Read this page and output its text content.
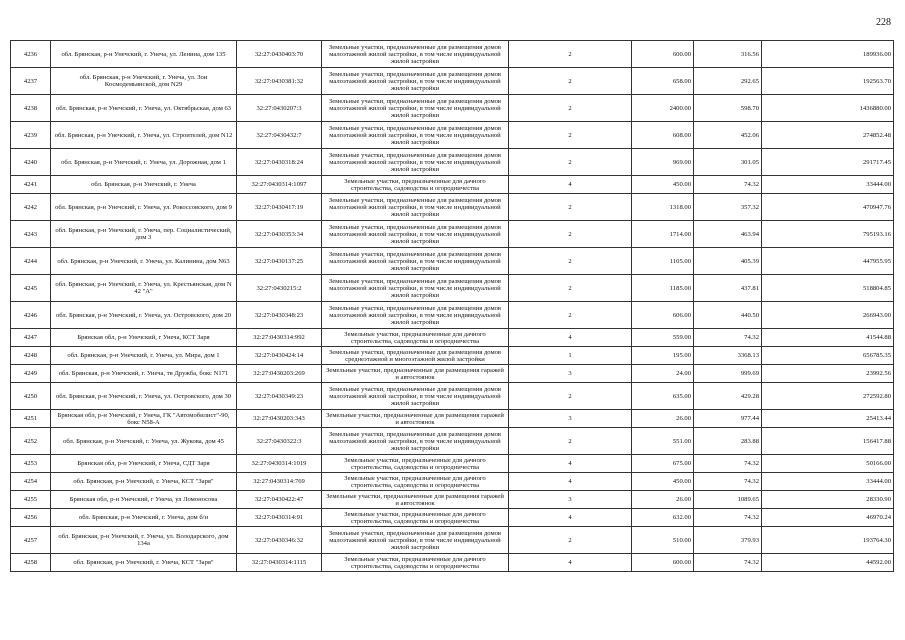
228
4236	обл. Брянская, р-н Унечский, г. Унеча, ул. Ленина, дом 135	32:27:0430403:70	Земельные участки, предназначенные для размещения домов малоэтажной жилой застройки, в том числе индивидуальной жилой застройки	2	600.00	316.56	189936.00
4237	обл. Брянская, р-н Унечский, г. Унеча, ул. Зои Космодемьянской, дом N29	32:27:0430381:32	Земельные участки, предназначенные для размещения домов малоэтажной жилой застройки, в том числе индивидуальной жилой застройки	2	658.00	292.65	192563.70
4238	обл. Брянская, р-н Унечский, г. Унеча, ул. Октябрьская, дом 63	32:27:0430207:3	Земельные участки, предназначенные для размещения домов малоэтажной жилой застройки, в том числе индивидуальной жилой застройки	2	2400.00	598.70	1436880.00
4239	обл. Брянская, р-н Унечский, г. Унеча, ул. Строителей, дом N12	32:27:0430432:7	Земельные участки, предназначенные для размещения домов малоэтажной жилой застройки, в том числе индивидуальной жилой застройки	2	608.00	452.06	274852.48
4240	обл. Брянская, р-н Унечский, г. Унеча, ул. Дорожная, дом 1	32:27:0430318:24	Земельные участки, предназначенные для размещения домов малоэтажной жилой застройки, в том числе индивидуальной жилой застройки	2	969.00	301.05	291717.45
4241	обл. Брянская, р-н Унечский, г. Унеча	32:27:0430314:1097	Земельные участки, предназначенные для дачного строительства, садоводства и огородничества	4	450.00	74.32	33444.00
4242	обл. Брянская, р-н Унечский, г. Унеча, ул. Рокоссовского, дом 9	32:27:0430417:19	Земельные участки, предназначенные для размещения домов малоэтажной жилой застройки, в том числе индивидуальной жилой застройки	2	1318.00	357.32	470947.76
4243	обл. Брянская, р-н Унечский, г. Унеча, пер. Социалистический, дом 3	32:27:0430353:34	Земельные участки, предназначенные для размещения домов малоэтажной жилой застройки, в том числе индивидуальной жилой застройки	2	1714.00	463.94	795193.16
4244	обл. Брянская, р-н Унечский, г. Унеча, ул. Калинина, дом N63	32:27:0430137:25	Земельные участки, предназначенные для размещения домов малоэтажной жилой застройки, в том числе индивидуальной жилой застройки	2	1105.00	405.39	447955.95
4245	обл. Брянская, р-н Унечский, г. Унеча, ул. Крестьянская, дом N 42 "А"	32:27:0430215:2	Земельные участки, предназначенные для размещения домов малоэтажной жилой застройки, в том числе индивидуальной жилой застройки	2	1185.00	437.81	518804.85
4246	обл. Брянская, р-н Унечский, г. Унеча, ул. Островского, дом 20	32:27:0430348:23	Земельные участки, предназначенные для размещения домов малоэтажной жилой застройки, в том числе индивидуальной жилой застройки	2	606.00	440.50	266943.00
4247	Брянская обл, р-н Унечский, г Унеча, КСТ Заря	32:27:0430314:992	Земельные участки, предназначенные для дачного строительства, садоводства и огородничества	4	559.00	74.32	41544.88
4248	обл. Брянская, р-н Унечский, г. Унеча, ул. Мира, дом 1	32:27:0430424:14	Земельные участки, предназначенные для размещения домов среднеэтажной и многоэтажной жилой застройки	1	195.00	3368.13	656785.35
4249	обл. Брянская, р-н Унечский, г. Унеча, тв Дружба, бокс N171	32:27:0430203:269	Земельные участки, предназначенные для размещения гаражей и автостоянок	3	24.00	999.69	23992.56
4250	обл. Брянская, р-н Унечский, г. Унеча, ул. Островского, дом 30	32:27:0430349:23	Земельные участки, предназначенные для размещения домов малоэтажной жилой застройки, в том числе индивидуальной жилой застройки	2	635.00	429.28	272592.80
4251	Брянская обл, р-н Унечский, г Унеча, ГК "Автомобилист"-90, бокс N58-А	32:27:0430203:343	Земельные участки, предназначенные для размещения гаражей и автостоянок	3	26.00	977.44	25413.44
4252	обл. Брянская, р-н Унечский, г. Унеча, ул. Жукова, дом 45	32:27:0430322:3	Земельные участки, предназначенные для размещения домов малоэтажной жилой застройки, в том числе индивидуальной жилой застройки	2	551.00	283.88	156417.88
4253	Брянская обл, р-н Унечский, г Унеча, СДТ Заря	32:27:0430314:1019	Земельные участки, предназначенные для дачного строительства, садоводства и огородничества	4	675.00	74.32	50166.00
4254	обл. Брянская, р-н Унечский, г. Унеча, КСТ "Заря"	32:27:0430314:769	Земельные участки, предназначенные для дачного строительства, садоводства и огородничества	4	450.00	74.32	33444.00
4255	Брянская обл, р-н Унечский, г Унеча, ул Ломоносова	32:27:0430422:47	Земельные участки, предназначенные для размещения гаражей и автостоянок	3	26.00	1089.65	28330.90
4256	обл. Брянская, р-н Унечский, г. Унеча, дом б/н	32:27:0430314:91	Земельные участки, предназначенные для дачного строительства, садоводства и огородничества	4	632.00	74.32	46970.24
4257	обл. Брянская, р-н Унечский, г. Унеча, ул. Володарского, дом 134а	32:27:0430346:32	Земельные участки, предназначенные для размещения домов малоэтажной жилой застройки, в том числе индивидуальной жилой застройки	2	510.00	379.93	193764.30
4258	обл. Брянская, р-н Унечский, г. Унеча, КСТ "Заря"	32:27:0430314:1115	Земельные участки, предназначенные для дачного строительства, садоводства и огородничества	4	600.00	74.32	44592.00
